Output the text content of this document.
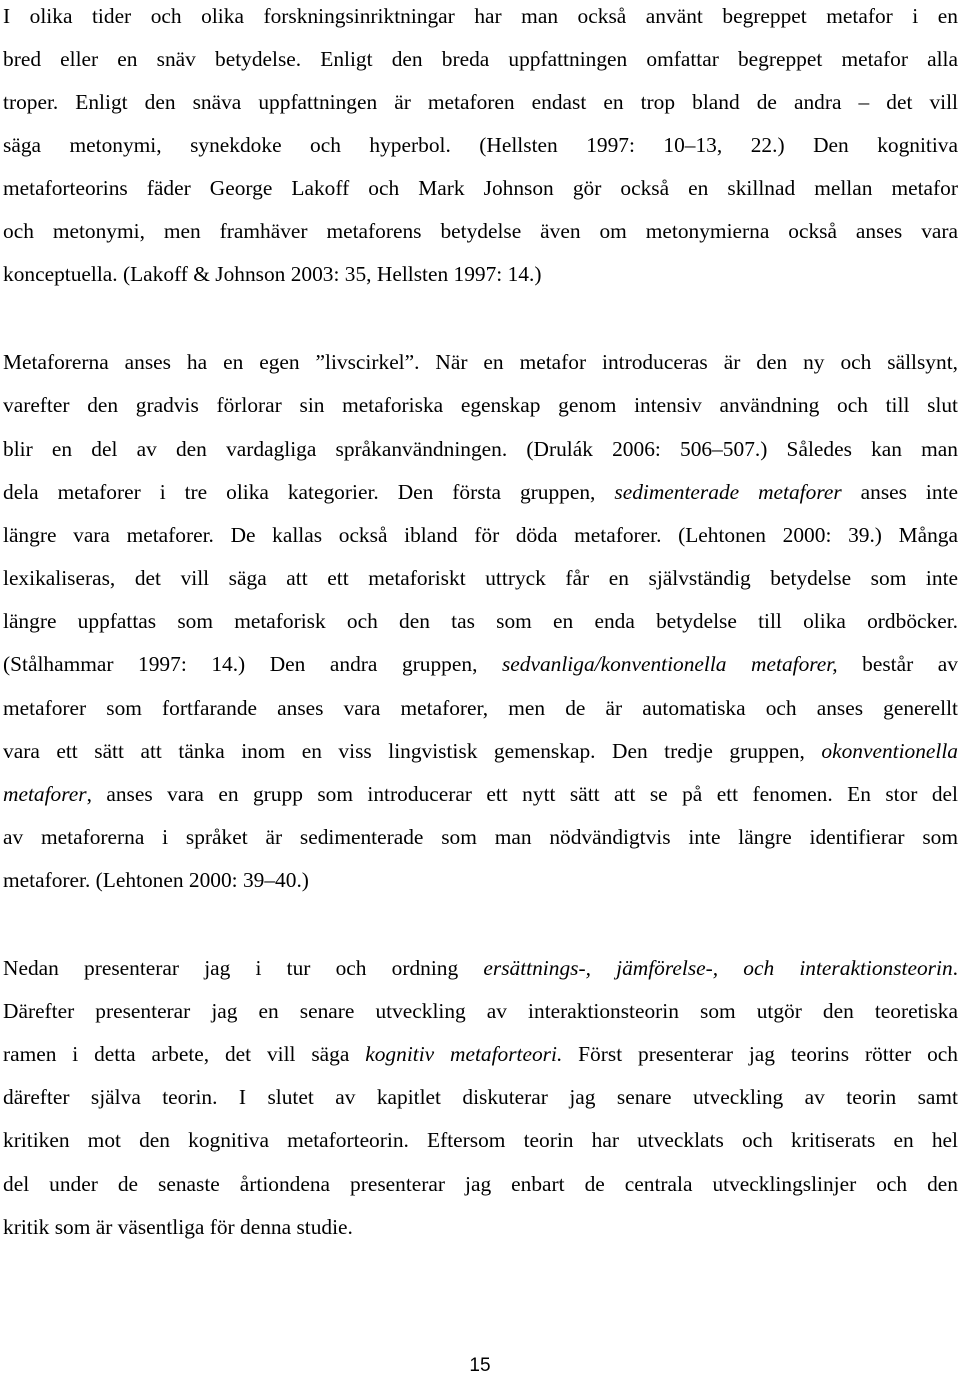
I olika tider och olika forskningsinriktningar har man också använt begreppet metafor i en
bred eller en snäv betydelse. Enligt den breda uppfattningen omfattar begreppet metafor alla
troper. Enligt den snäva uppfattningen är metaforen endast en trop bland de andra – det vill
säga metonymi, synekdoke och hyperbol. (Hellsten 1997: 10–13, 22.) Den kognitiva
metaforteorins fäder George Lakoff och Mark Johnson gör också en skillnad mellan metafor
och metonymi, men framhäver metaforens betydelse även om metonymierna också anses vara
konceptuella. (Lakoff & Johnson 2003: 35, Hellsten 1997: 14.)
Metaforerna anses ha en egen ”livscirkel”. När en metafor introduceras är den ny och sällsynt,
varefter den gradvis förlorar sin metaforiska egenskap genom intensiv användning och till slut
blir en del av den vardagliga språkanvändningen. (Drulák 2006: 506–507.) Således kan man
dela metaforer i tre olika kategorier. Den första gruppen, sedimenterade metaforer anses inte
längre vara metaforer. De kallas också ibland för döda metaforer. (Lehtonen 2000: 39.) Många
lexikaliseras, det vill säga att ett metaforiskt uttryck får en självständig betydelse som inte
längre uppfattas som metaforisk och den tas som en enda betydelse till olika ordböcker.
(Stålhammar 1997: 14.) Den andra gruppen, sedvanliga/konventionella metaforer, består av
metaforer som fortfarande anses vara metaforer, men de är automatiska och anses generellt
vara ett sätt att tänka inom en viss lingvistisk gemenskap. Den tredje gruppen, okonventionella
metaforer, anses vara en grupp som introducerar ett nytt sätt att se på ett fenomen. En stor del
av metaforerna i språket är sedimenterade som man nödvändigtvis inte längre identifierar som
metaforer. (Lehtonen 2000: 39–40.)
Nedan presenterar jag i tur och ordning ersättnings-, jämförelse-, och interaktionsteorin.
Därefter presenterar jag en senare utveckling av interaktionsteorin som utgör den teoretiska
ramen i detta arbete, det vill säga kognitiv metaforteori. Först presenterar jag teorins rötter och
därefter själva teorin. I slutet av kapitlet diskuterar jag senare utveckling av teorin samt
kritiken mot den kognitiva metaforteorin. Eftersom teorin har utvecklats och kritiserats en hel
del under de senaste årtiondena presenterar jag enbart de centrala utvecklingslinjer och den
kritik som är väsentliga för denna studie.
15
